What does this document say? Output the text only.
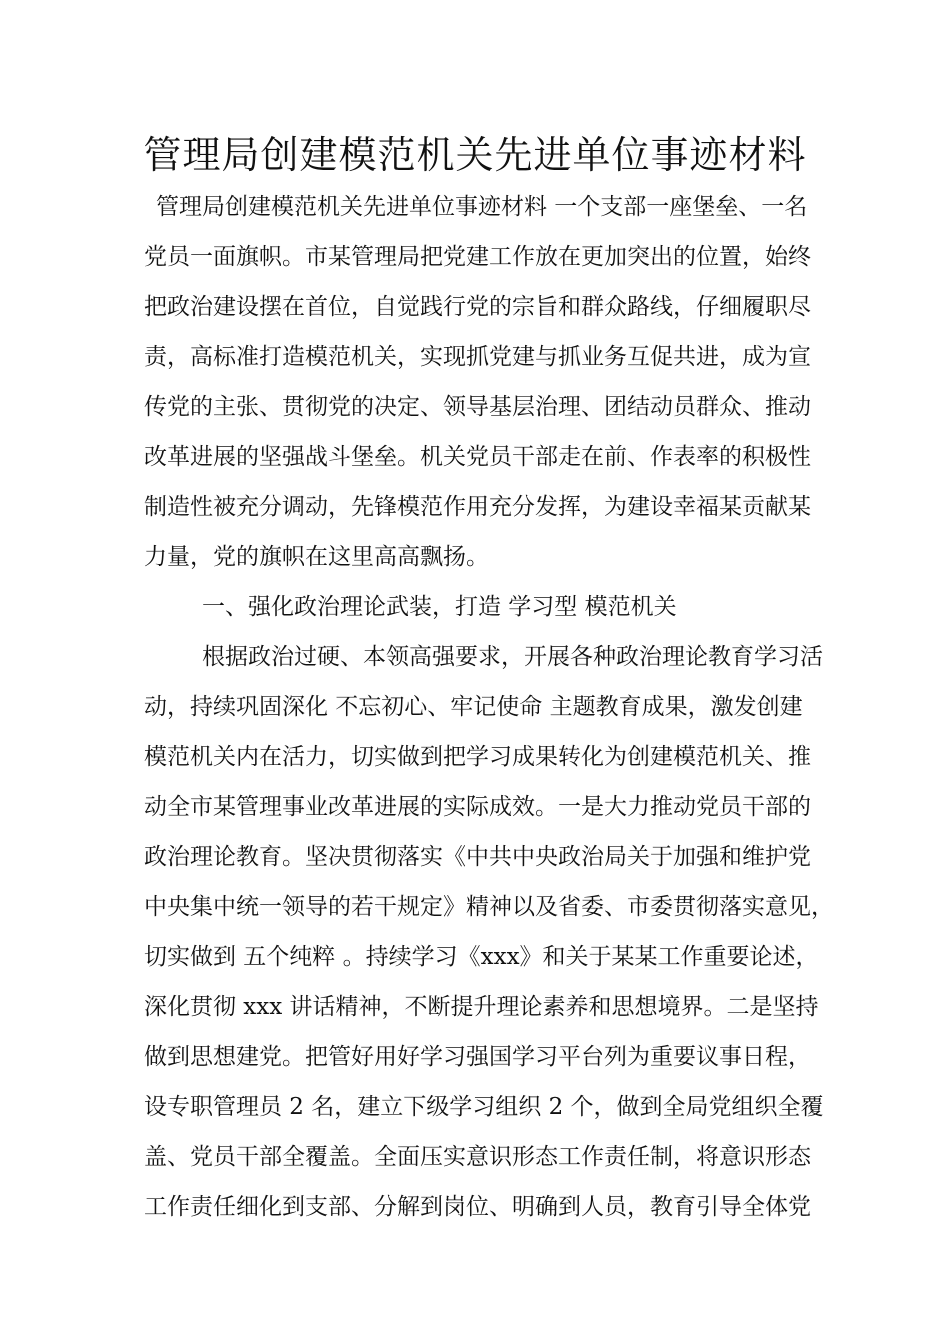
管理局创建模范机关先进单位事迹材料
管理局创建模范机关先进单位事迹材料 一个支部一座堡垒、一名
党员一面旗帜。市某管理局把党建工作放在更加突出的位置，始终
把政治建设摆在首位，自觉践行党的宗旨和群众路线，仔细履职尽
责，高标准打造模范机关，实现抓党建与抓业务互促共进，成为宣
传党的主张、贯彻党的决定、领导基层治理、团结动员群众、推动
改革进展的坚强战斗堡垒。机关党员干部走在前、作表率的积极性
制造性被充分调动，先锋模范作用充分发挥，为建设幸福某贡献某
力量，党的旗帜在这里高高飘扬。
一、强化政治理论武装，打造 学习型 模范机关
根据政治过硬、本领高强要求，开展各种政治理论教育学习活
动，持续巩固深化 不忘初心、牢记使命 主题教育成果，激发创建
模范机关内在活力，切实做到把学习成果转化为创建模范机关、推
动全市某管理事业改革进展的实际成效。一是大力推动党员干部的
政治理论教育。坚决贯彻落实《中共中央政治局关于加强和维护党
中央集中统一领导的若干规定》精神以及省委、市委贯彻落实意见，
切实做到 五个纯粹 。持续学习《xxx》和关于某某工作重要论述，
深化贯彻 xxx 讲话精神，不断提升理论素养和思想境界。二是坚持
做到思想建党。把管好用好学习强国学习平台列为重要议事日程，
设专职管理员 2 名，建立下级学习组织 2 个，做到全局党组织全覆
盖、党员干部全覆盖。全面压实意识形态工作责任制，将意识形态
工作责任细化到支部、分解到岗位、明确到人员，教育引导全体党
